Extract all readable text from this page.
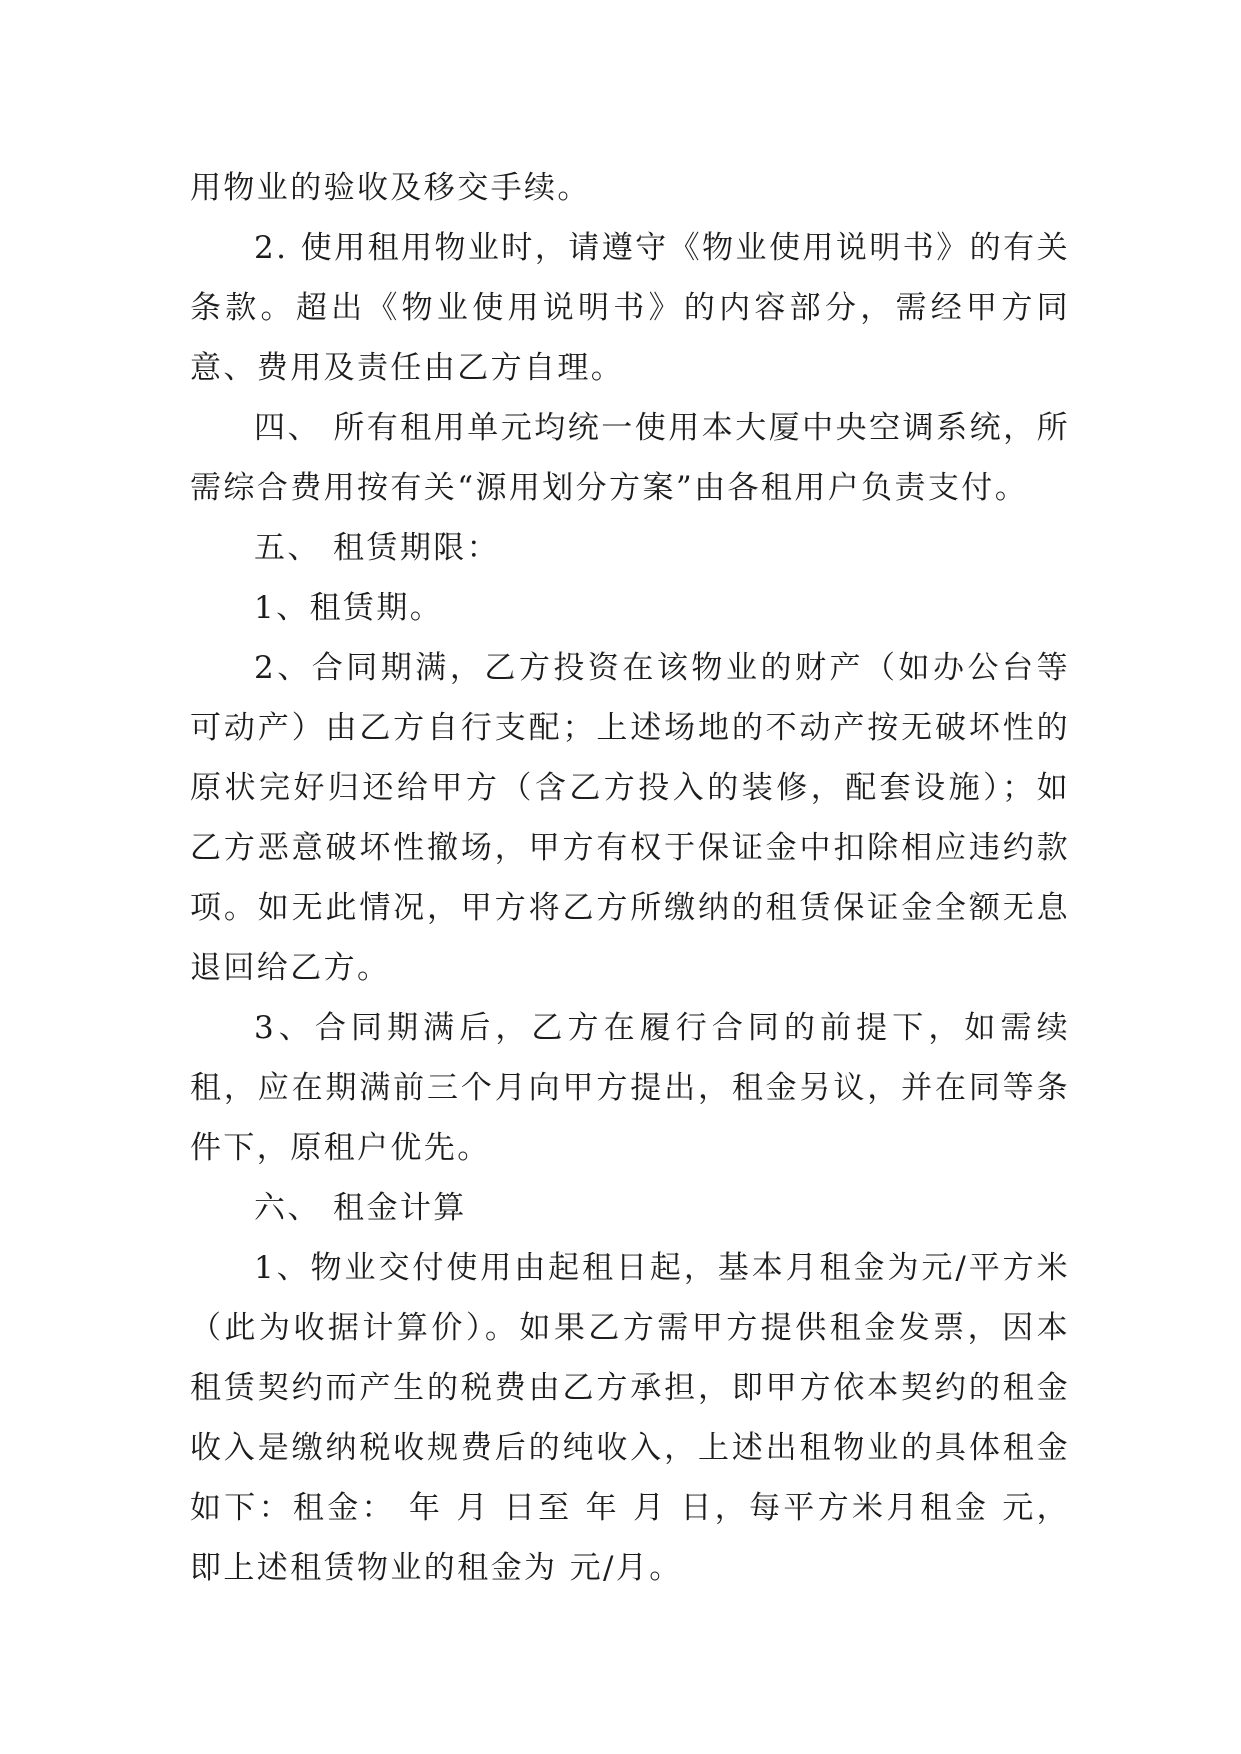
用物业的验收及移交手续。

2. 使用租用物业时，请遵守《物业使用说明书》的有关条款。超出《物业使用说明书》的内容部分，需经甲方同意、费用及责任由乙方自理。

四、 所有租用单元均统一使用本大厦中央空调系统，所需综合费用按有关“源用划分方案”由各租用户负责支付。

五、 租赁期限：

1、租赁期。

2、合同期满，乙方投资在该物业的财产（如办公台等可动产）由乙方自行支配；上述场地的不动产按无破坏性的原状完好归还给甲方（含乙方投入的装修，配套设施）；如乙方恶意破坏性撤场，甲方有权于保证金中扣除相应违约款项。如无此情况，甲方将乙方所缴纳的租赁保证金全额无息退回给乙方。

3、合同期满后，乙方在履行合同的前提下，如需续租，应在期满前三个月向甲方提出，租金另议，并在同等条件下，原租户优先。

六、 租金计算

1、物业交付使用由起租日起，基本月租金为元/平方米（此为收据计算价）。如果乙方需甲方提供租金发票，因本租赁契约而产生的税费由乙方承担，即甲方依本契约的租金收入是缴纳税收规费后的纯收入，上述出租物业的具体租金如下：租金： 年 月 日至 年 月 日，每平方米月租金 元，即上述租赁物业的租金为 元/月。
